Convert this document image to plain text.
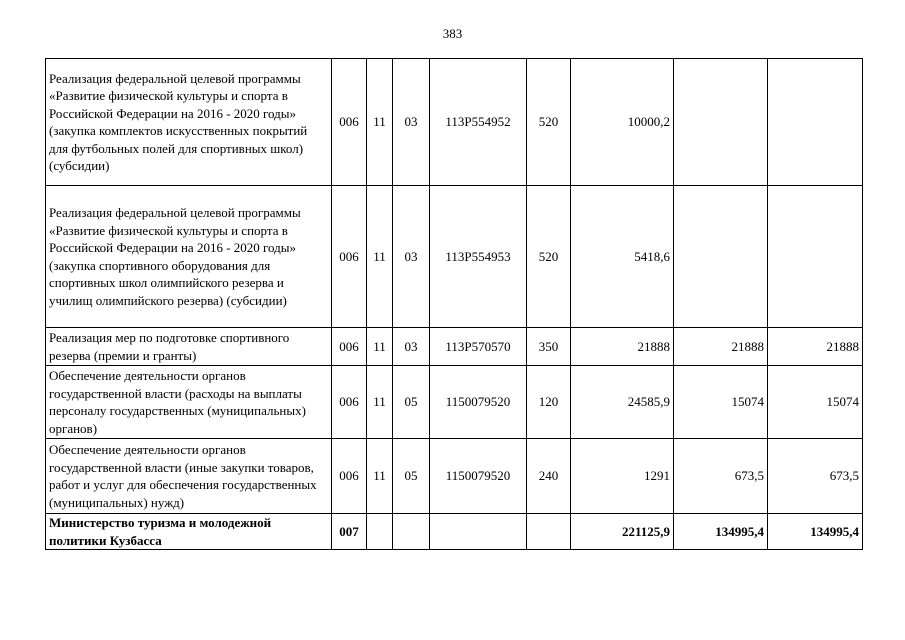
383
Реализация федеральной целевой программы «Развитие физической культуры и спорта в Российской Федерации на 2016 - 2020 годы» (закупка комплектов искусственных покрытий для футбольных полей для спортивных школ) (субсидии)	006	11	03	113P554952	520	10000,2		
Реализация федеральной целевой программы «Развитие физической культуры и спорта в Российской Федерации на 2016 - 2020 годы» (закупка спортивного оборудования для спортивных школ олимпийского резерва и училищ олимпийского резерва) (субсидии)	006	11	03	113P554953	520	5418,6		
Реализация мер по подготовке спортивного резерва (премии и гранты)	006	11	03	113P570570	350	21888	21888	21888
Обеспечение деятельности органов государственной власти (расходы на выплаты персоналу государственных (муниципальных) органов)	006	11	05	1150079520	120	24585,9	15074	15074
Обеспечение деятельности органов государственной власти (иные закупки товаров, работ и услуг для обеспечения государственных (муниципальных) нужд)	006	11	05	1150079520	240	1291	673,5	673,5
Министерство туризма и молодежной политики Кузбасса	007					221125,9	134995,4	134995,4
